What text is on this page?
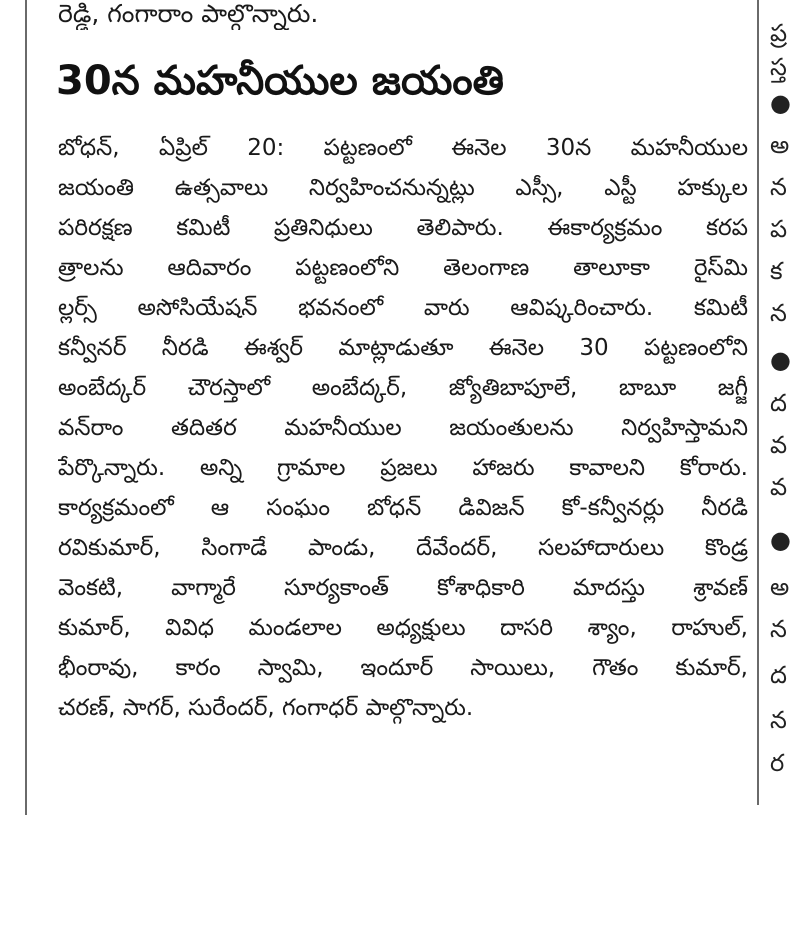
రెడ్డి, గంగారాం పాల్గొన్నారు.
30న మహనీయుల జయంతి
బోధన్, ఏప్రిల్ 20: పట్టణంలో ఈనెల 30న మహనీయుల
జయంతి ఉత్సవాలు నిర్వహించనున్నట్లు ఎస్సీ, ఎస్టీ హక్కుల
పరిరక్షణ కమిటీ ప్రతినిధులు తెలిపారు. ఈకార్యక్రమం కరప
త్రాలను ఆదివారం పట్టణంలోని తెలంగాణ తాలూకా రైస్‌మి
ల్లర్స్ అసోసియేషన్ భవనంలో వారు ఆవిష్కరించారు. కమిటీ
కన్వీనర్ నీరడి ఈశ్వర్ మాట్లాడుతూ ఈనెల 30 పట్టణంలోని
అంబేద్కర్ చౌరస్తాలో అంబేద్కర్, జ్యోతిబాపూలే, బాబూ జగ్జీ
వన్‌రాం తదితర మహనీయుల జయంతులను నిర్వహిస్తామని
పేర్కొన్నారు. అన్ని గ్రామాల ప్రజలు హాజరు కావాలని కోరారు.
కార్యక్రమంలో ఆ సంఘం బోధన్ డివిజన్ కో-కన్వీనర్లు నీరడి
రవికుమార్, సింగాడే పాండు, దేవేందర్, సలహాదారులు కొండ్ర
వెంకటి, వాగ్మారే సూర్యకాంత్ కోశాధికారి మాదస్తు శ్రావణ్
కుమార్, వివిధ మండలాల అధ్యక్షులు దాసరి శ్యాం, రాహుల్,
భీంరావు, కారం స్వామి, ఇందూర్ సాయిలు, గౌతం కుమార్,
చరణ్, సాగర్, సురేందర్, గంగాధర్ పాల్గొన్నారు.
ప్ర
స్త
●
అ
న
ప
క
న
●
ద
వ
వ
●
అ
న
ద
న
ర
